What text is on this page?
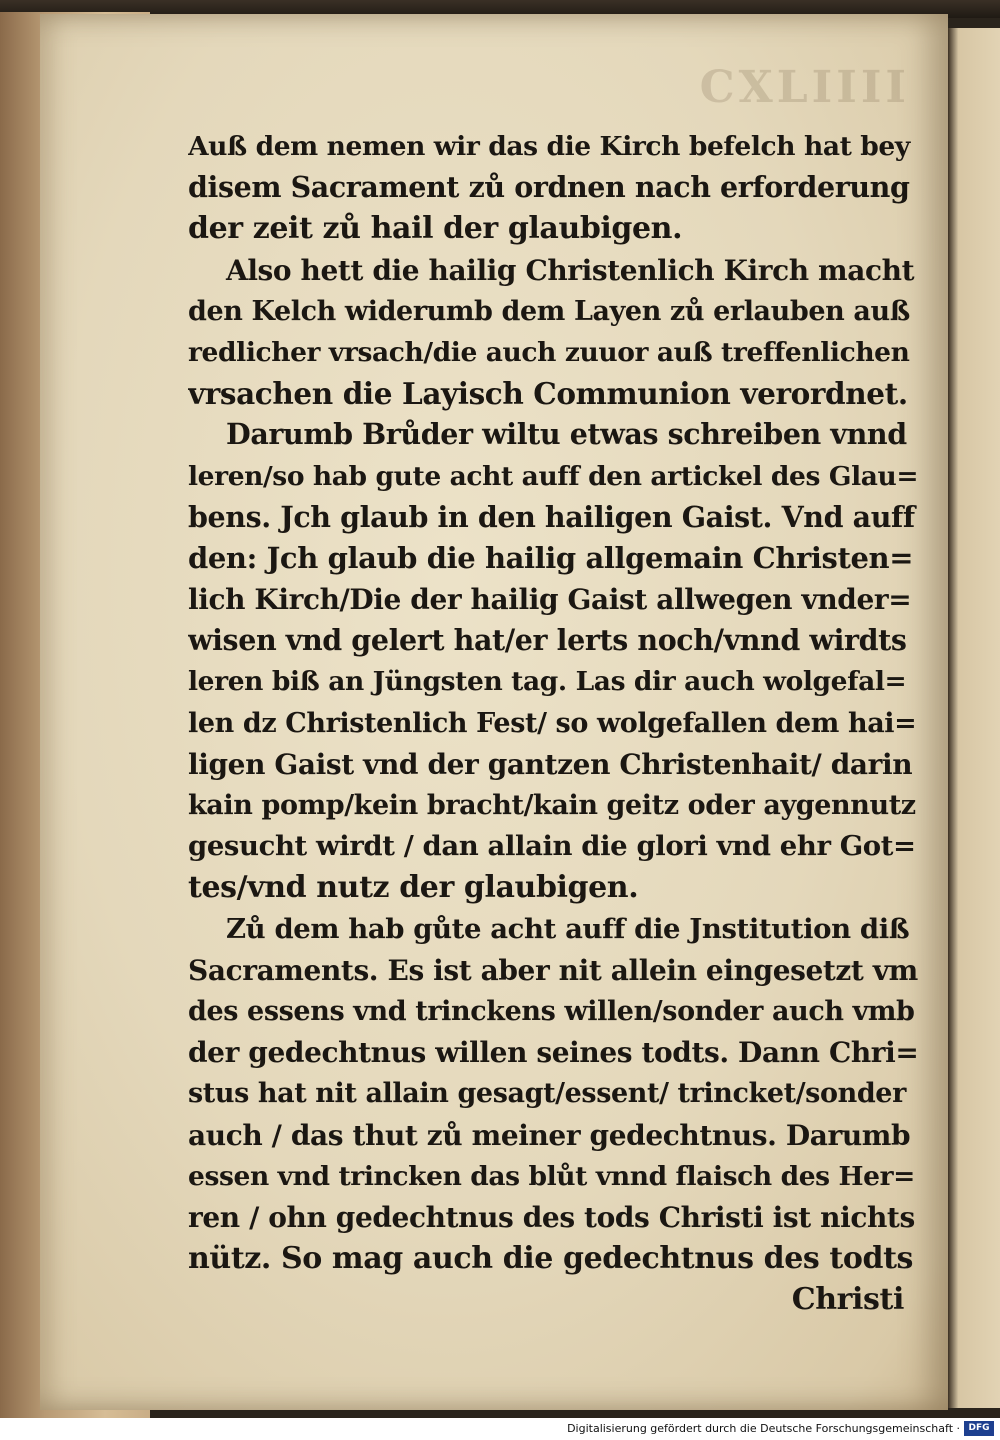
CXLIIII
Auß dem nemen wir das die Kirch befelch hat bey
disem Sacrament zů ordnen nach erforderung
der zeit zů hail der glaubigen.
Also hett die hailig Christenlich Kirch macht
den Kelch widerumb dem Layen zů erlauben auß
redlicher vrsach/die auch zuuor auß treffenlichen
vrsachen die Layisch Communion verordnet.
Darumb Brůder wiltu etwas schreiben vnnd
leren/so hab gute acht auff den artickel des Glau=
bens. Jch glaub in den hailigen Gaist. Vnd auff
den: Jch glaub die hailig allgemain Christen=
lich Kirch/Die der hailig Gaist allwegen vnder=
wisen vnd gelert hat/er lerts noch/vnnd wirdts
leren biß an Jüngsten tag. Las dir auch wolgefal=
len dz Christenlich Fest/ so wolgefallen dem hai=
ligen Gaist vnd der gantzen Christenhait/ darin
kain pomp/kein bracht/kain geitz oder aygennutz
gesucht wirdt / dan allain die glori vnd ehr Got=
tes/vnd nutz der glaubigen.
Zů dem hab gůte acht auff die Jnstitution diß
Sacraments. Es ist aber nit allein eingesetzt vm
des essens vnd trinckens willen/sonder auch vmb
der gedechtnus willen seines todts. Dann Chri=
stus hat nit allain gesagt/essent/ trincket/sonder
auch / das thut zů meiner gedechtnus. Darumb
essen vnd trincken das blůt vnnd flaisch des Her=
ren / ohn gedechtnus des tods Christi ist nichts
nütz. So mag auch die gedechtnus des todts
Christi
Digitalisierung gefördert durch die Deutsche Forschungsgemeinschaft · DFG
